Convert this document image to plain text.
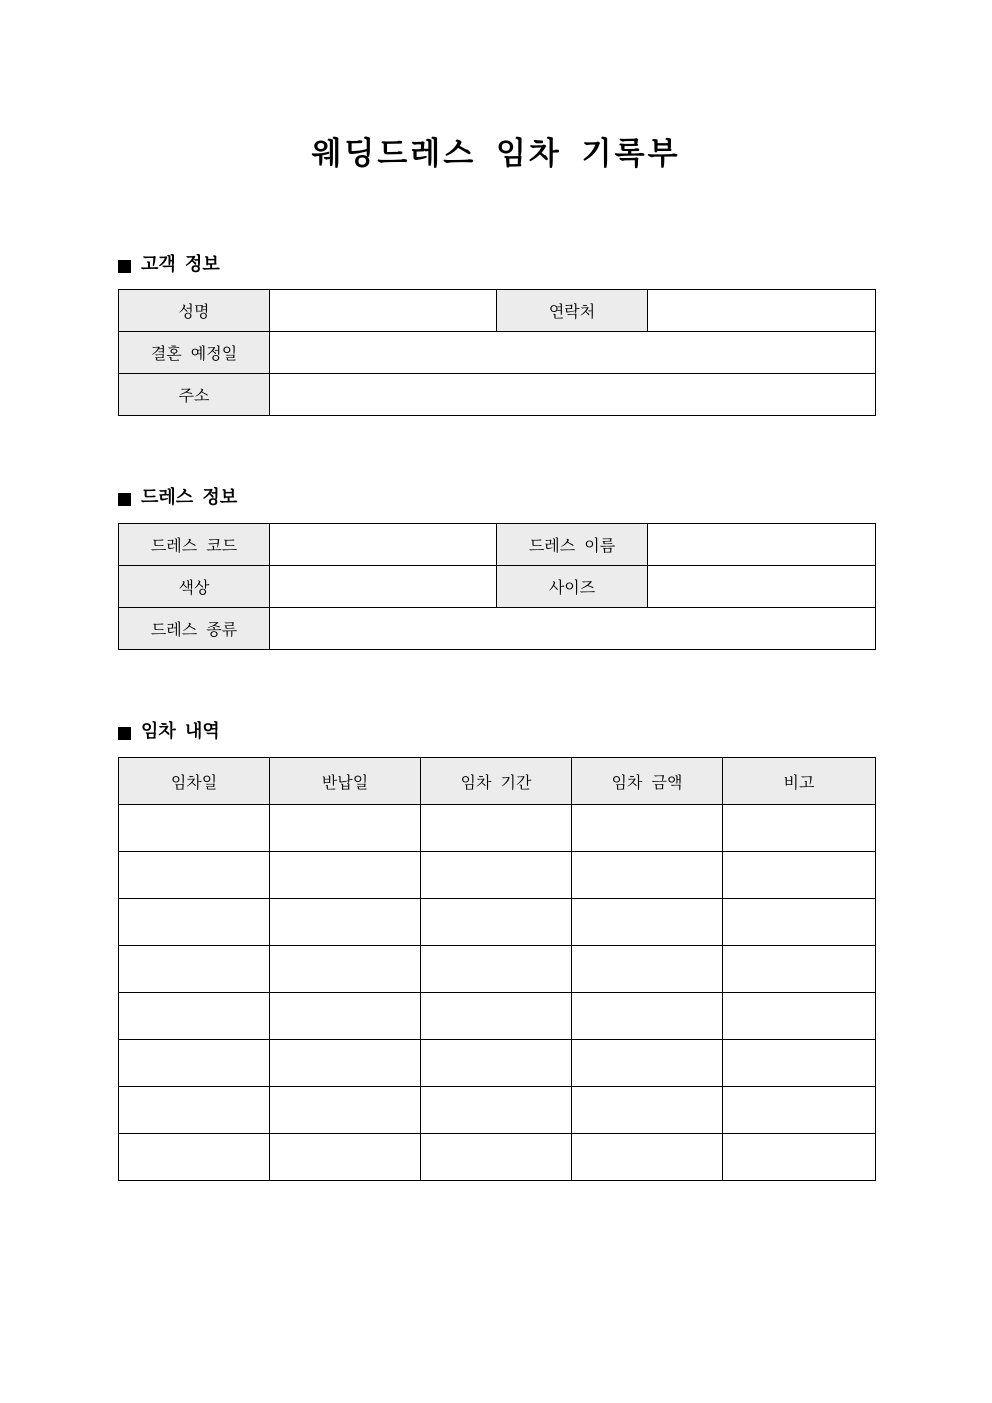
웨딩드레스 임차 기록부
고객 정보
성명		연락처	
결혼 예정일			
주소			
드레스 정보
드레스 코드		드레스 이름	
색상		사이즈	
드레스 종류			
임차 내역
임차일	반납일	임차 기간	임차 금액	비고
